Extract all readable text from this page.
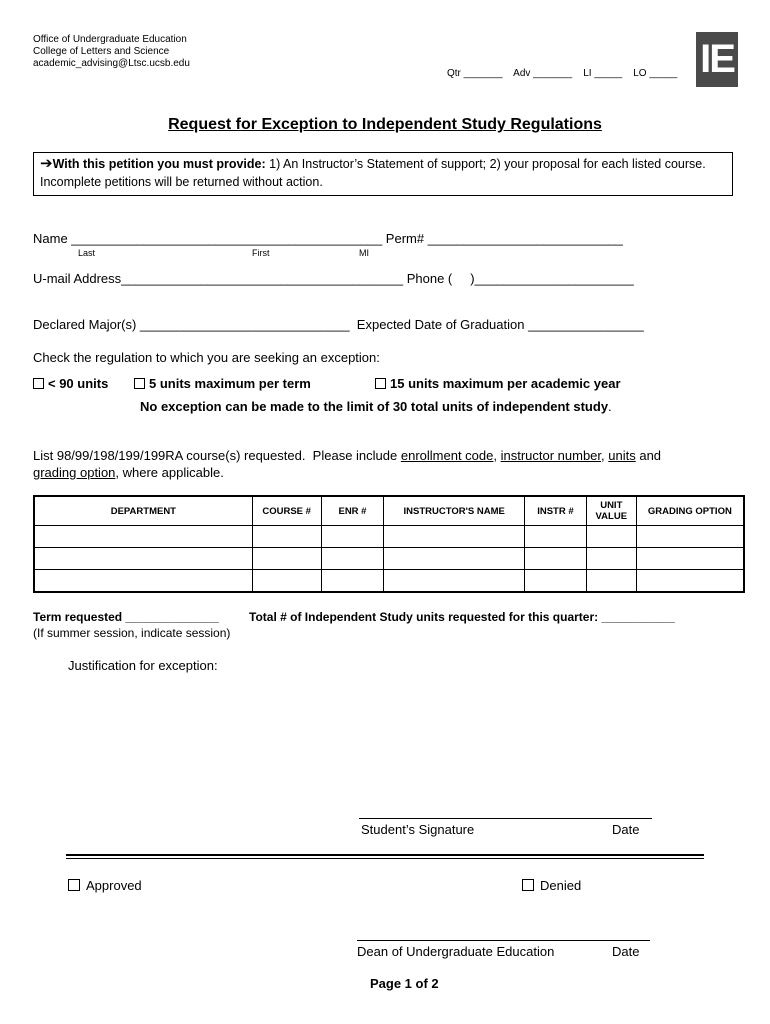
Office of Undergraduate Education
College of Letters and Science
academic_advising@Ltsc.ucsb.edu
Qtr _______    Adv _______    LI _____    LO _____ IE
Request for Exception to Independent Study Regulations
➔With this petition you must provide: 1) An Instructor’s Statement of support; 2) your proposal for each listed course. Incomplete petitions will be returned without action.
Name ___________________________________________ Perm# ___________________________
Last	First	MI
U-mail Address_______________________________________ Phone (     )______________________
Declared Major(s) _____________________________  Expected Date of Graduation ________________
Check the regulation to which you are seeking an exception:
< 90 units	5 units maximum per term	15 units maximum per academic year
No exception can be made to the limit of 30 total units of independent study.
List 98/99/198/199/199RA course(s) requested.  Please include enrollment code, instructor number, units and
grading option, where applicable.
DEPARTMENT	COURSE #	ENR #	INSTRUCTOR'S NAME	INSTR #	UNIT VALUE	GRADING OPTION

Term requested ______________	Total # of Independent Study units requested for this quarter: ___________
(If summer session, indicate session)
Justification for exception:
Student’s Signature	Date
Approved	Denied
Dean of Undergraduate Education	Date
Page 1 of 2
